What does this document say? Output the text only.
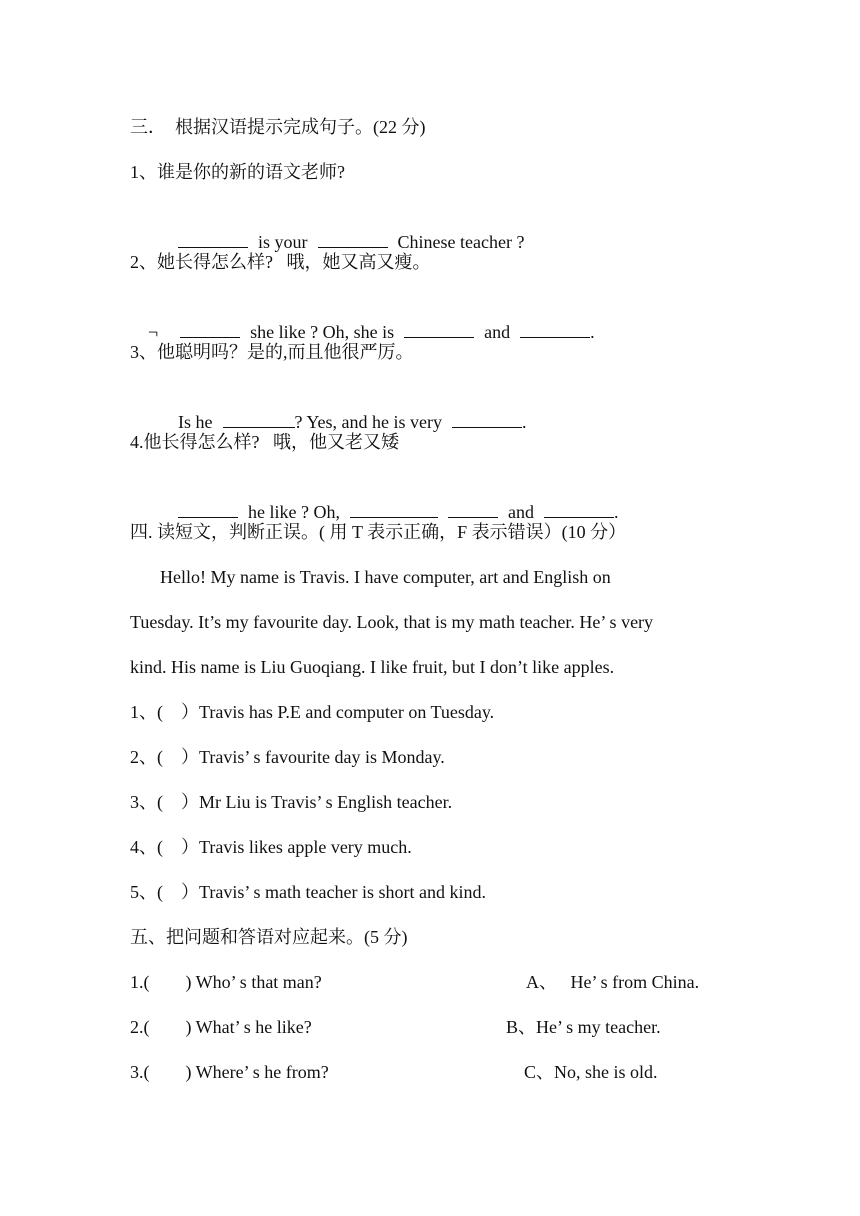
三．  根据汉语提示完成句子。(22 分)
1、谁是你的新的语文老师?

is your	Chinese teacher ?

2、她长得怎么样?   哦，她又高又瘦。

¬	she like ? Oh, she is	and	.

3、他聪明吗？是的,而且他很严厉。

Is he	? Yes, and he is very	.

4.他长得怎么样?   哦，他又老又矮

he like ? Oh,	and	.

四. 读短文，判断正误。( 用 T 表示正确，F 表示错误）(10 分）
Hello! My name is Travis. I have computer, art and English on
Tuesday. It’s my favourite day. Look, that is my math teacher. He’ s very
kind. His name is Liu Guoqiang. I like fruit, but I don’t like apples.
1、(    ）Travis has P.E and computer on Tuesday.
2、(    ）Travis’ s favourite day is Monday.
3、(    ）Mr Liu is Travis’ s English teacher.
4、(    ）Travis likes apple very much.
5、(    ）Travis’ s math teacher is short and kind.
五、把问题和答语对应起来。(5 分)
1.(        ) Who’ s that man?	A、   He’ s from China.
2.(        ) What’ s he like?	B、He’ s my teacher.
3.(        ) Where’ s he from?	C、No, she is old.
